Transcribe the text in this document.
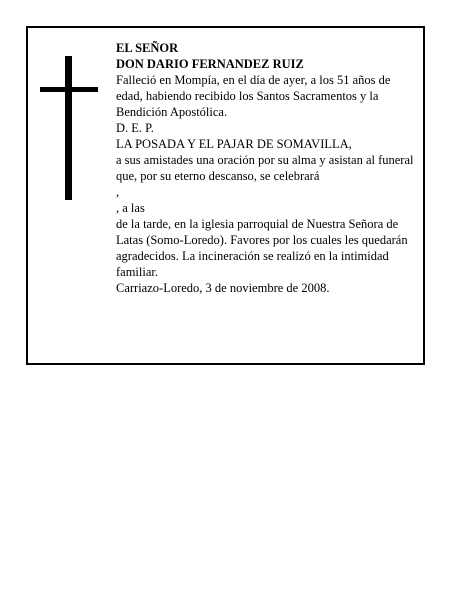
EL SEÑOR
DON DARIO FERNANDEZ RUIZ
Falleció en Mompía, en el día de ayer, a los 51 años de edad, habiendo recibido los Santos Sacramentos y la Bendición Apostólica.
D. E. P.
LA POSADA Y EL PAJAR DE SOMAVILLA,
a sus amistades una oración por su alma y asistan al funeral que, por su eterno descanso, se celebrará
,
, a las
de la tarde, en la iglesia parroquial de Nuestra Señora de Latas (Somo-Loredo). Favores por los cuales les quedarán agradecidos. La incineración se realizó en la intimidad familiar.
Carriazo-Loredo, 3 de noviembre de 2008.
